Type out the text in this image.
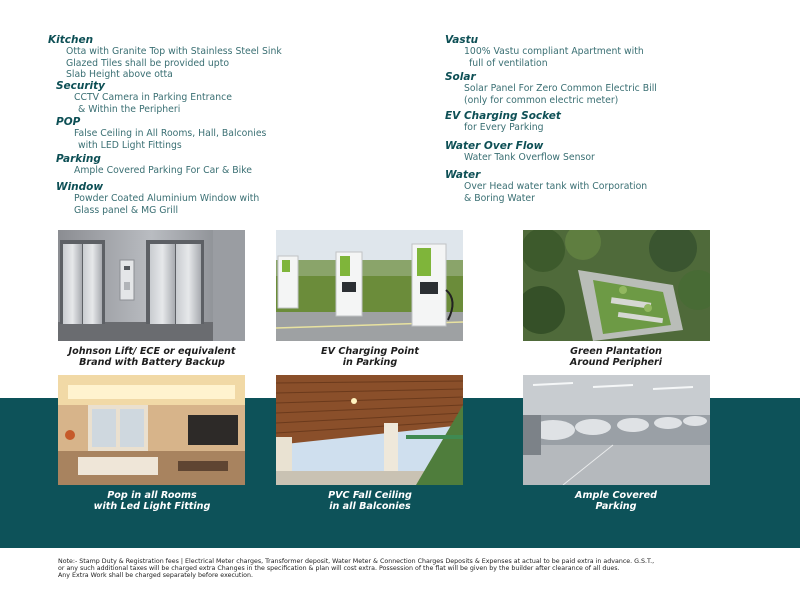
Kitchen

Otta with Granite Top with Stainless Steel Sink

Glazed Tiles shall be provided upto

Slab Height above otta

Security

CCTV Camera in Parking Entrance

& Within the Peripheri

POP

False Ceiling in All Rooms, Hall, Balconies

with LED Light Fittings

Parking

Ample Covered Parking For Car & Bike

Window

Powder Coated Aluminium Window with

Glass panel & MG Grill

Vastu

100% Vastu compliant Apartment with

full of ventilation

Solar

Solar Panel For Zero Common Electric Bill

(only for common electric meter)

EV Charging Socket

for Every Parking

Water Over Flow

Water Tank Overflow Sensor

Water

Over Head water tank with Corporation

& Boring Water

Johnson Lift/ ECE or equivalent
Brand with Battery Backup
EV Charging Point
in Parking
Green Plantation
Around Peripheri
Pop in all Rooms
with Led Light Fitting
PVC Fall Ceiling
in all Balconies
Ample Covered
Parking
Note:- Stamp Duty & Registration fees | Electrical Meter charges, Transformer deposit, Water Meter & Connection Charges Deposits & Expenses at actual to be paid extra in advance. G.S.T.,
or any such additional taxes will be charged extra Changes in the specification & plan will cost extra. Possession of the flat will be given by the builder after clearance of all dues.
Any Extra Work shall be charged separately before execution.
